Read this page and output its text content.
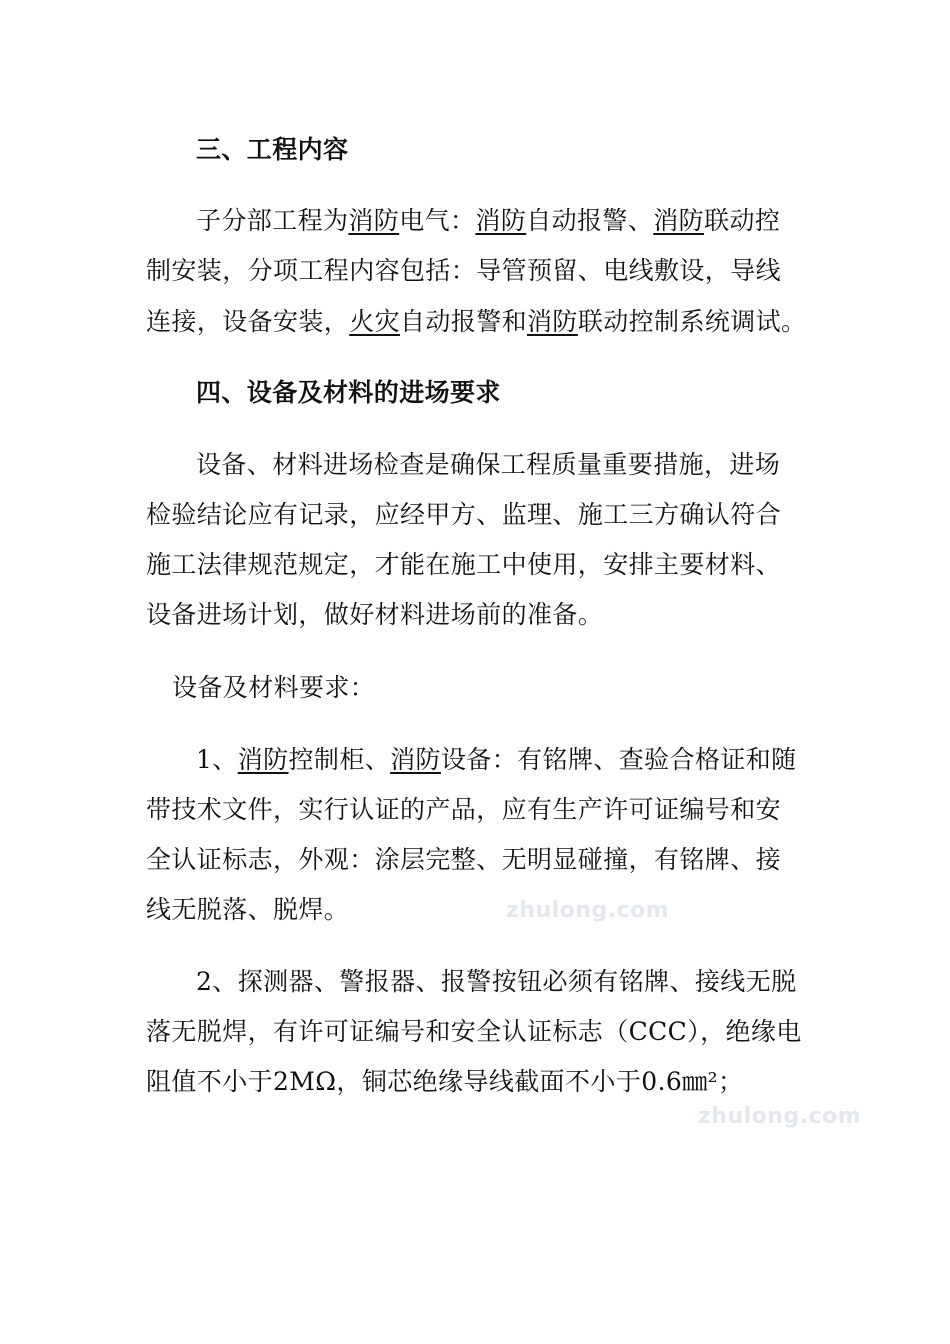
三、工程内容
子分部工程为消防电气：消防自动报警、消防联动控
制安装，分项工程内容包括：导管预留、电线敷设，导线
连接，设备安装，火灾自动报警和消防联动控制系统调试。
四、设备及材料的进场要求
设备、材料进场检查是确保工程质量重要措施，进场
检验结论应有记录，应经甲方、监理、施工三方确认符合
施工法律规范规定，才能在施工中使用，安排主要材料、
设备进场计划，做好材料进场前的准备。
设备及材料要求：
1、消防控制柜、消防设备：有铭牌、查验合格证和随
带技术文件，实行认证的产品，应有生产许可证编号和安
全认证标志，外观：涂层完整、无明显碰撞，有铭牌、接
线无脱落、脱焊。
2、探测器、警报器、报警按钮必须有铭牌、接线无脱
落无脱焊，有许可证编号和安全认证标志（CCC），绝缘电
阻值不小于2MΩ，铜芯绝缘导线截面不小于0.6㎜²；
zhulong.com
zhulong.com
